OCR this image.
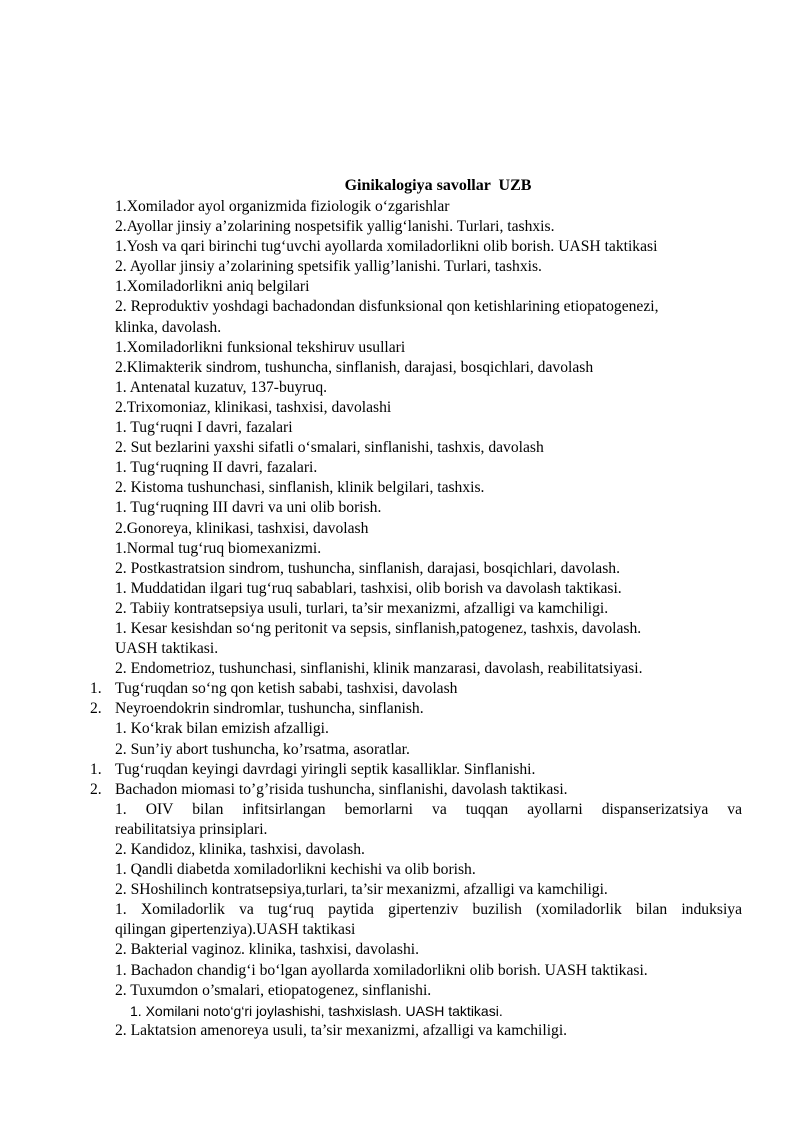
Ginikalogiya savollar  UZB
1.Xomilador ayol organizmida fiziologik o‘zgarishlar
2.Ayollar jinsiy a’zolarining nospetsifik yallig‘lanishi. Turlari, tashxis.
1.Yosh va qari birinchi tug‘uvchi ayollarda xomiladorlikni olib borish. UASH taktikasi
2. Ayollar jinsiy a’zolarining spetsifik yallig’lanishi. Turlari, tashxis.
1.Xomiladorlikni aniq belgilari
2. Reproduktiv yoshdagi bachadondan disfunksional qon ketishlarining etiopatogenezi,
klinka, davolash.
1.Xomiladorlikni funksional tekshiruv usullari
2.Klimakterik sindrom, tushuncha, sinflanish, darajasi, bosqichlari, davolash
1. Antenatal kuzatuv, 137-buyruq.
2.Trixomoniaz, klinikasi, tashxisi, davolashi
1. Tug‘ruqni I davri, fazalari
2. Sut bezlarini yaxshi sifatli o‘smalari, sinflanishi, tashxis, davolash
1. Tug‘ruqning II davri, fazalari.
2. Kistoma tushunchasi, sinflanish, klinik belgilari, tashxis.
1. Tug‘ruqning III davri va uni olib borish.
2.Gonoreya, klinikasi, tashxisi, davolash
1.Normal tug‘ruq biomexanizmi.
2. Postkastratsion sindrom, tushuncha, sinflanish, darajasi, bosqichlari, davolash.
1. Muddatidan ilgari tug‘ruq sabablari, tashxisi, olib borish va davolash taktikasi.
2. Tabiiy kontratsepsiya usuli, turlari, ta’sir mexanizmi, afzalligi va kamchiligi.
1. Kesar kesishdan so‘ng peritonit va sepsis, sinflanish,patogenez, tashxis, davolash.
UASH taktikasi.
2. Endometrioz, tushunchasi, sinflanishi, klinik manzarasi, davolash, reabilitatsiyasi.
1. Tug‘ruqdan so‘ng qon ketish sababi, tashxisi, davolash
2. Neyroendokrin sindromlar, tushuncha, sinflanish.
1. Ko‘krak bilan emizish afzalligi.
2. Sun’iy abort tushuncha, ko’rsatma, asoratlar.
1. Tug‘ruqdan keyingi davrdagi yiringli septik kasalliklar. Sinflanishi.
2. Bachadon miomasi to’g’risida tushuncha, sinflanishi, davolash taktikasi.
1. OIV bilan infitsirlangan bemorlarni va tuqqan ayollarni dispanserizatsiya va
reabilitatsiya prinsiplari.
2. Kandidoz, klinika, tashxisi, davolash.
1. Qandli diabetda xomiladorlikni kechishi va olib borish.
2. SHoshilinch kontratsepsiya,turlari, ta’sir mexanizmi, afzalligi va kamchiligi.
1. Xomiladorlik va tug‘ruq paytida gipertenziv buzilish (xomiladorlik bilan induksiya
qilingan gipertenziya).UASH taktikasi
2. Bakterial vaginoz. klinika, tashxisi, davolashi.
1. Bachadon chandig‘i bo‘lgan ayollarda xomiladorlikni olib borish. UASH taktikasi.
2. Tuxumdon o’smalari, etiopatogenez, sinflanishi.
1. Xomilani noto‘g‘ri joylashishi, tashxislash. UASH taktikasi.
2. Laktatsion amenoreya usuli, ta’sir mexanizmi, afzalligi va kamchiligi.
